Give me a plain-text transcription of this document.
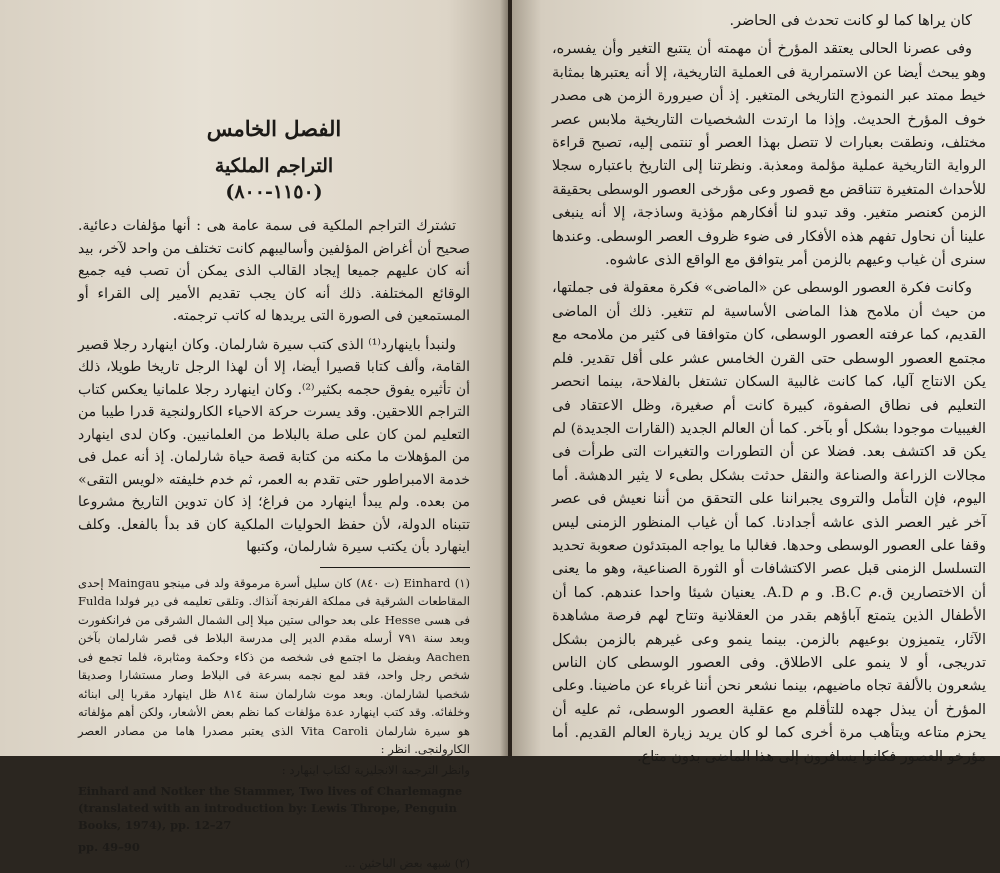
الفصل الخامس
التراجم الملكية
(١١٥٠-٨٠٠)

تشترك التراجم الملكية فى سمة عامة هى : أنها مؤلفات دعائية. صحيح أن أغراض المؤلفين وأساليبهم كانت تختلف من واحد لآخر، بيد أنه كان عليهم جميعا إيجاد القالب الذى يمكن أن تصب فيه جميع الوقائع المختلفة. ذلك أنه كان يجب تقديم الأمير إلى القراء أو المستمعين فى الصورة التى يريدها له كاتب ترجمته.

ولنبدأ باينهارد⁽¹⁾ الذى كتب سيرة شارلمان. وكان اينهارد رجلا قصير القامة، وألف كتابا قصيرا أيضا، إلا أن لهذا الرجل تاريخا طويلا، ذلك أن تأثيره يفوق حجمه بكثير⁽²⁾. وكان اينهارد رجلا علمانيا يعكس كتاب التراجم اللاحقين. وقد يسرت حركة الاحياء الكارولنجية قدرا طيبا من التعليم لمن كان على صلة بالبلاط من العلمانيين. وكان لدى اينهارد من المؤهلات ما مكنه من كتابة قصة حياة شارلمان. إذ أنه عمل فى خدمة الامبراطور حتى تقدم به العمر، ثم خدم خليفته «لويس التقى» من بعده. ولم يبدأ اينهارد من فراغ؛ إذ كان تدوين التاريخ مشروعا تتبناه الدولة، لأن حفظ الحوليات الملكية كان قد بدأ بالفعل. وكلف اينهارد بأن يكتب سيرة شارلمان، وكتبها

(١) Einhard (ت ٨٤٠) كان سليل أسرة مرموقة ولد فى مينجو Maingau إحدى المقاطعات الشرقية فى مملكة الفرنجة آنذاك. وتلقى تعليمه فى دير فولدا Fulda فى هسى Hesse على بعد حوالى ستين ميلا إلى الشمال الشرقى من فرانكفورت وبعد سنة ٧٩١ أرسله مقدم الدير إلى مدرسة البلاط فى قصر شارلمان بآخن Aachen وبفضل ما اجتمع فى شخصه من ذكاء وحكمة ومثابرة، فلما تجمع فى شخص رجل واحد، فقد لمع نجمه بسرعة فى البلاط وصار مستشارا وصديقا شخصيا لشارلمان. وبعد موت شارلمان سنة ٨١٤ ظل اينهارد مقربا إلى ابنائه وخلفائه. وقد كتب اينهارد عدة مؤلفات كما نظم بعض الأشعار، ولكن أهم مؤلفاته هو سيرة شارلمان Vita Caroli الذى يعتبر مصدرا هاما من مصادر العصر الكارولنجى. انظر :

وانظر الترجمة الانجليزية لكتاب اينهارد :

Einhard and Notker the Stammer, Two lives of Charlemagne (translated with an introduction by: Lewis Thrope, Penguin Books, 1974), pp. 12–27

pp. 49–90

(٢) شبهه بعض الباحثين ...

كان يراها كما لو كانت تحدث فى الحاضر.

وفى عصرنا الحالى يعتقد المؤرخ أن مهمته أن يتتبع التغير وأن يفسره، وهو يبحث أيضا عن الاستمرارية فى العملية التاريخية، إلا أنه يعتبرها بمثابة خيط ممتد عبر النموذج التاريخى المتغير. إذ أن صيرورة الزمن هى مصدر خوف المؤرخ الحديث. وإذا ما ارتدت الشخصيات التاريخية ملابس عصر مختلف، ونطقت بعبارات لا تتصل بهذا العصر أو تنتمى إليه، تصبح قراءة الرواية التاريخية عملية مؤلمة ومعذبة. ونظرتنا إلى التاريخ باعتباره سجلا للأحداث المتغيرة تتناقض مع قصور وعى مؤرخى العصور الوسطى بحقيقة الزمن كعنصر متغير. وقد تبدو لنا أفكارهم مؤذية وساذجة، إلا أنه ينبغى علينا أن نحاول تفهم هذه الأفكار فى ضوء ظروف العصر الوسطى. وعندها سنرى أن غياب وعيهم بالزمن أمر يتوافق مع الواقع الذى عاشوه.

وكانت فكرة العصور الوسطى عن «الماضى» فكرة معقولة فى جملتها، من حيث أن ملامح هذا الماضى الأساسية لم تتغير. ذلك أن الماضى القديم، كما عرفته العصور الوسطى، كان متوافقا فى كثير من ملامحه مع مجتمع العصور الوسطى حتى القرن الخامس عشر على أقل تقدير. فلم يكن الانتاج آليا، كما كانت غالبية السكان تشتغل بالفلاحة، بينما انحصر التعليم فى نطاق الصفوة، كبيرة كانت أم صغيرة، وظل الاعتقاد فى الغيبيات موجودا بشكل أو بآخر. كما أن العالم الجديد (القارات الجديدة) لم يكن قد اكتشف بعد. فضلا عن أن التطورات والتغيرات التى طرأت فى مجالات الزراعة والصناعة والنقل حدثت بشكل بطىء لا يثير الدهشة. أما اليوم، فإن التأمل والتروى يجبراننا على التحقق من أننا نعيش فى عصر آخر غير العصر الذى عاشه أجدادنا. كما أن غياب المنظور الزمنى ليس وقفا على العصور الوسطى وحدها. فغالبا ما يواجه المبتدئون صعوبة تحديد التسلسل الزمنى قبل عصر الاكتشافات أو الثورة الصناعية، وهو ما يعنى أن الاختصارين ق.م B.C. و م A.D. يعنيان شيئا واحدا عندهم. كما أن الأطفال الذين يتمتع آباؤهم بقدر من العقلانية وتتاح لهم فرصة مشاهدة الآثار، يتميزون بوعيهم بالزمن. بينما ينمو وعى غيرهم بالزمن بشكل تدريجى، أو لا ينمو على الاطلاق. وفى العصور الوسطى كان الناس يشعرون بالألفة تجاه ماضيهم، بينما نشعر نحن أننا غرباء عن ماضينا. وعلى المؤرخ أن يبذل جهده للتأقلم مع عقلية العصور الوسطى، ثم عليه أن يحزم متاعه ويتأهب مرة أخرى كما لو كان يريد زيارة العالم القديم. أما مؤرخو العصور فكانوا يسافرون إلى هذا الماضى بدون متاع.
